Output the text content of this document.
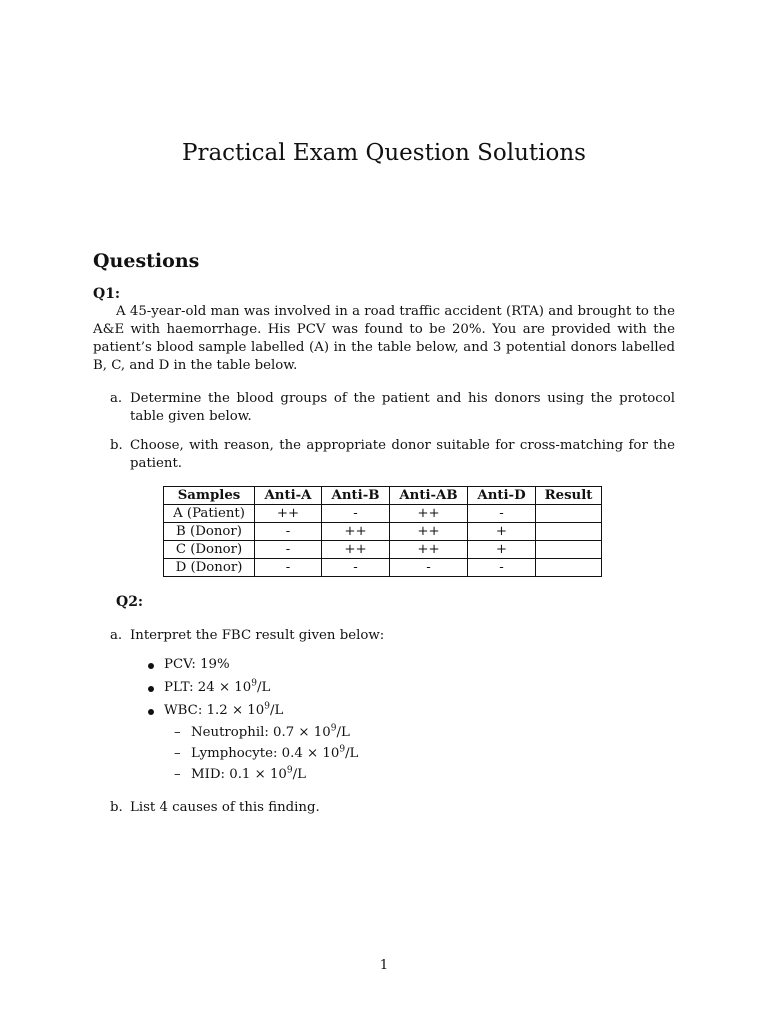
Practical Exam Question Solutions
Questions
Q1:
A 45-year-old man was involved in a road traffic accident (RTA) and brought to the A&E with haemorrhage. His PCV was found to be 20%. You are provided with the patient’s blood sample labelled (A) in the table below, and 3 potential donors labelled B, C, and D in the table below.
a. Determine the blood groups of the patient and his donors using the protocol table given below.
b. Choose, with reason, the appropriate donor suitable for cross-matching for the patient.
Samples	Anti-A	Anti-B	Anti-AB	Anti-D	Result
A (Patient)	++	-	++	-	
B (Donor)	-	++	++	+	
C (Donor)	-	++	++	+	
D (Donor)	-	-	-	-	
Q2:
a. Interpret the FBC result given below:
PCV: 19%
PLT: $24 \times 10^9/L$
WBC: $1.2 \times 10^9/L$
– Neutrophil: $0.7 \times 10^9/L$
– Lymphocyte: $0.4 \times 10^9/L$
– MID: $0.1 \times 10^9/L$
b. List 4 causes of this finding.
1
